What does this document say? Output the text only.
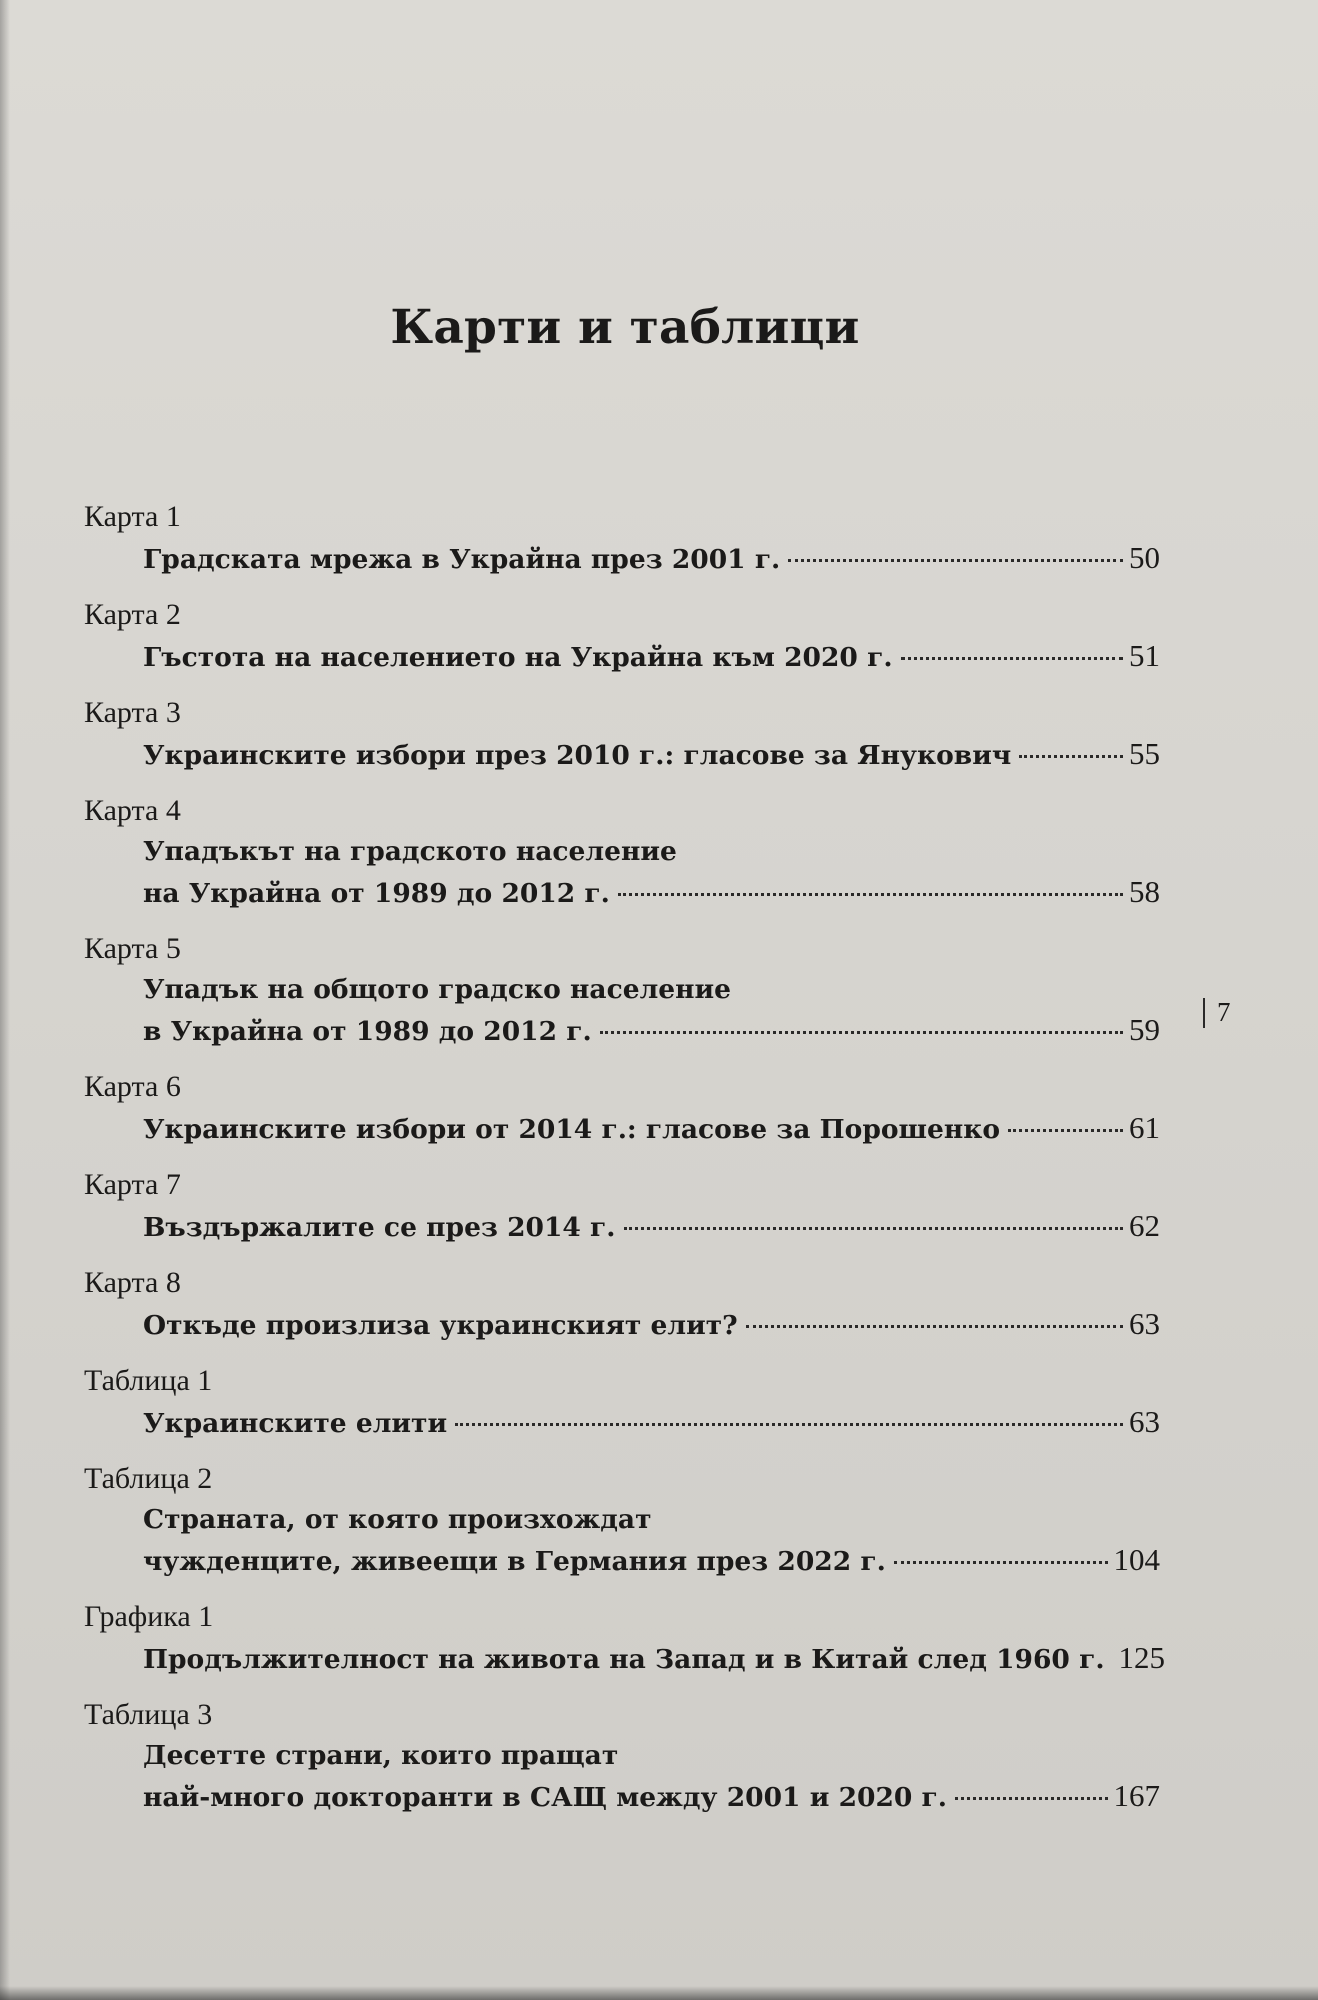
Карти и таблици
Карта 1
Градската мрежа в Украйна през 2001 г.	50
Карта 2
Гъстота на населението на Украйна към 2020 г.	51
Карта 3
Украинските избори през 2010 г.: гласове за Янукович	55
Карта 4
Упадъкът на градското население
на Украйна от 1989 до 2012 г.	58
Карта 5
Упадък на общото градско население
в Украйна от 1989 до 2012 г.	59
Карта 6
Украинските избори от 2014 г.: гласове за Порошенко	61
Карта 7
Въздържалите се през 2014 г.	62
Карта 8
Откъде произлиза украинският елит?	63
Таблица 1
Украинските елити	63
Таблица 2
Страната, от която произхождат
чужденците, живеещи в Германия през 2022 г.	104
Графика 1
Продължителност на живота на Запад и в Китай след 1960 г. 125
Таблица 3
Десетте страни, които пращат
най-много докторанти в САЩ между 2001 и 2020 г.	167
7
